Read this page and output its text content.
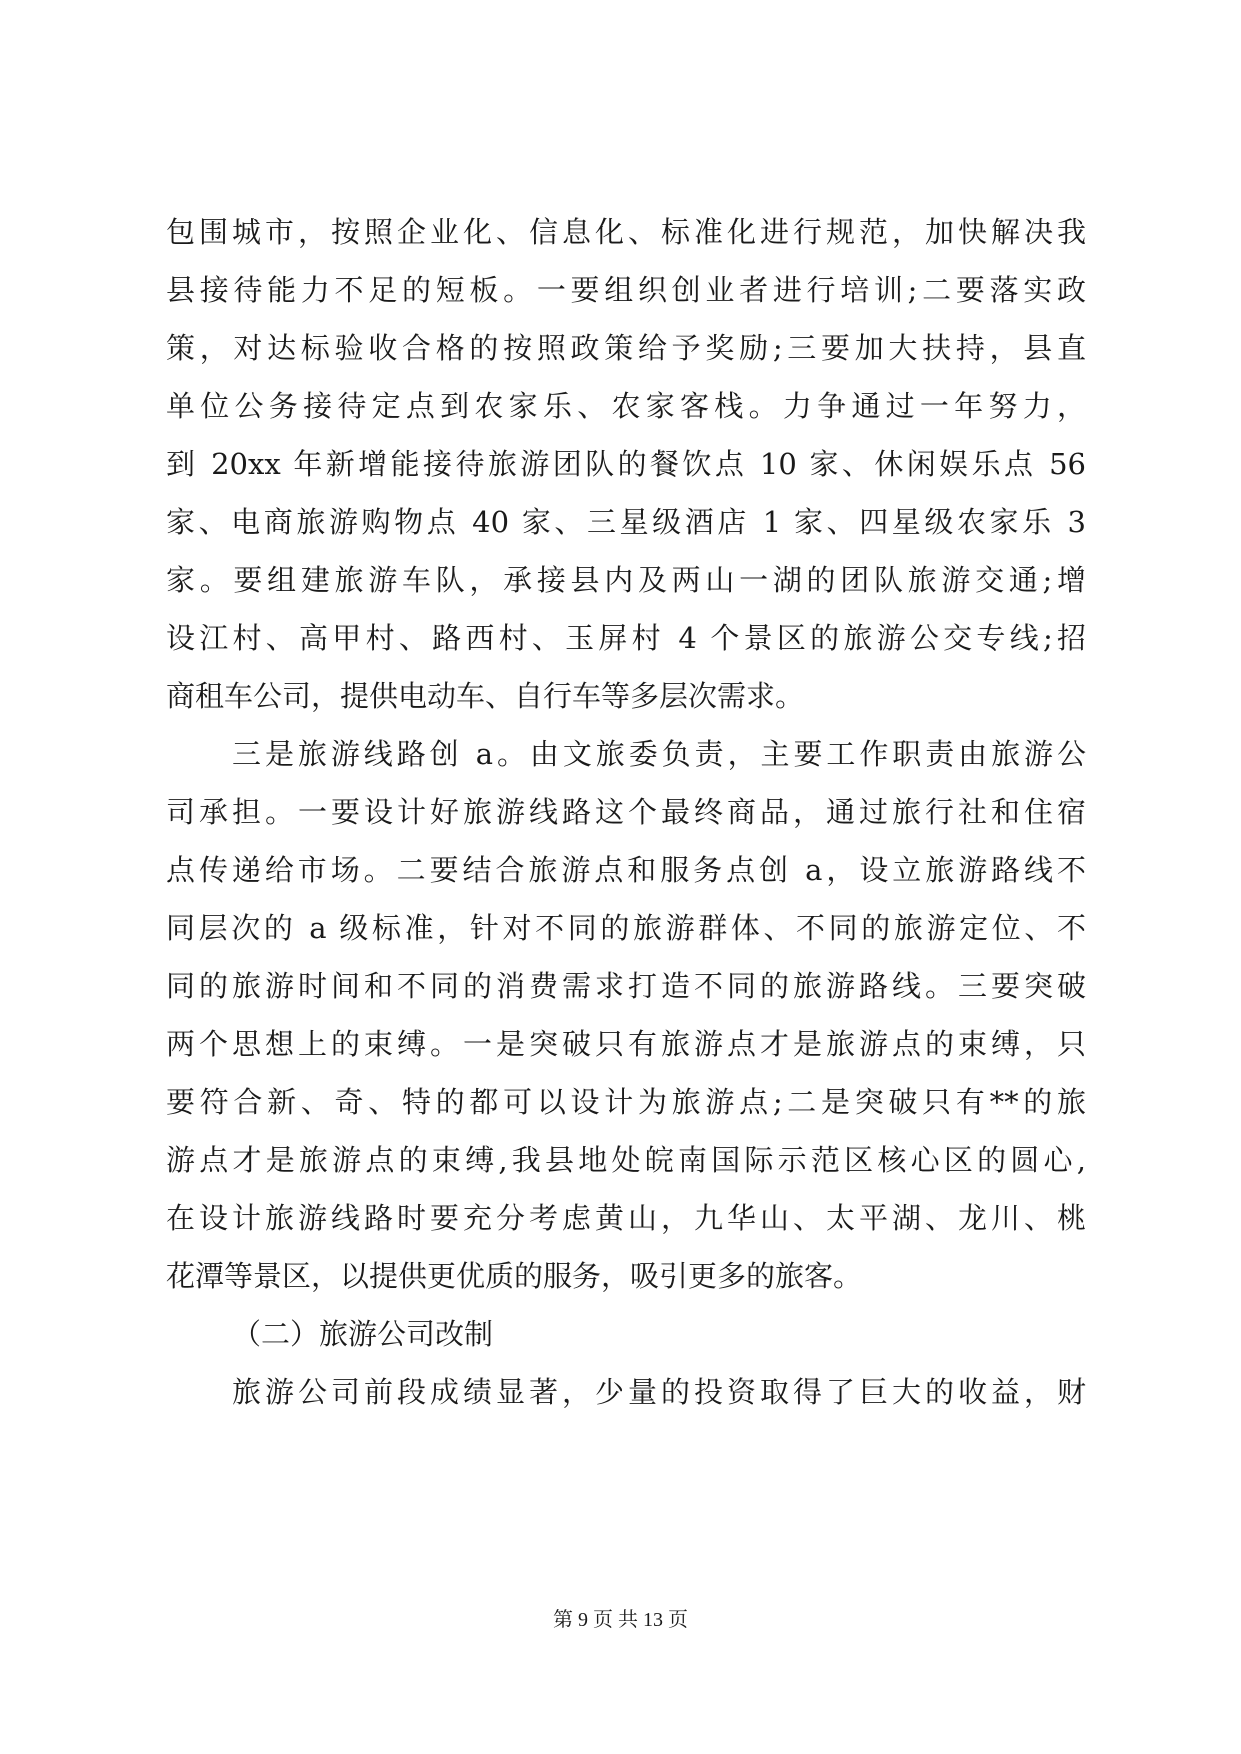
包围城市，按照企业化、信息化、标准化进行规范，加快解决我
县接待能力不足的短板。一要组织创业者进行培训;二要落实政
策，对达标验收合格的按照政策给予奖励;三要加大扶持，县直
单位公务接待定点到农家乐、农家客栈。力争通过一年努力，
到 20xx 年新增能接待旅游团队的餐饮点 10 家、休闲娱乐点 56
家、电商旅游购物点 40 家、三星级酒店 1 家、四星级农家乐 3
家。要组建旅游车队，承接县内及两山一湖的团队旅游交通;增
设江村、高甲村、路西村、玉屏村 4 个景区的旅游公交专线;招
商租车公司，提供电动车、自行车等多层次需求。
三是旅游线路创 a。由文旅委负责，主要工作职责由旅游公
司承担。一要设计好旅游线路这个最终商品，通过旅行社和住宿
点传递给市场。二要结合旅游点和服务点创 a，设立旅游路线不
同层次的 a 级标准，针对不同的旅游群体、不同的旅游定位、不
同的旅游时间和不同的消费需求打造不同的旅游路线。三要突破
两个思想上的束缚。一是突破只有旅游点才是旅游点的束缚，只
要符合新、奇、特的都可以设计为旅游点;二是突破只有**的旅
游点才是旅游点的束缚,我县地处皖南国际示范区核心区的圆心,
在设计旅游线路时要充分考虑黄山，九华山、太平湖、龙川、桃
花潭等景区，以提供更优质的服务，吸引更多的旅客。
（二）旅游公司改制
旅游公司前段成绩显著，少量的投资取得了巨大的收益，财
第 9 页 共 13 页
